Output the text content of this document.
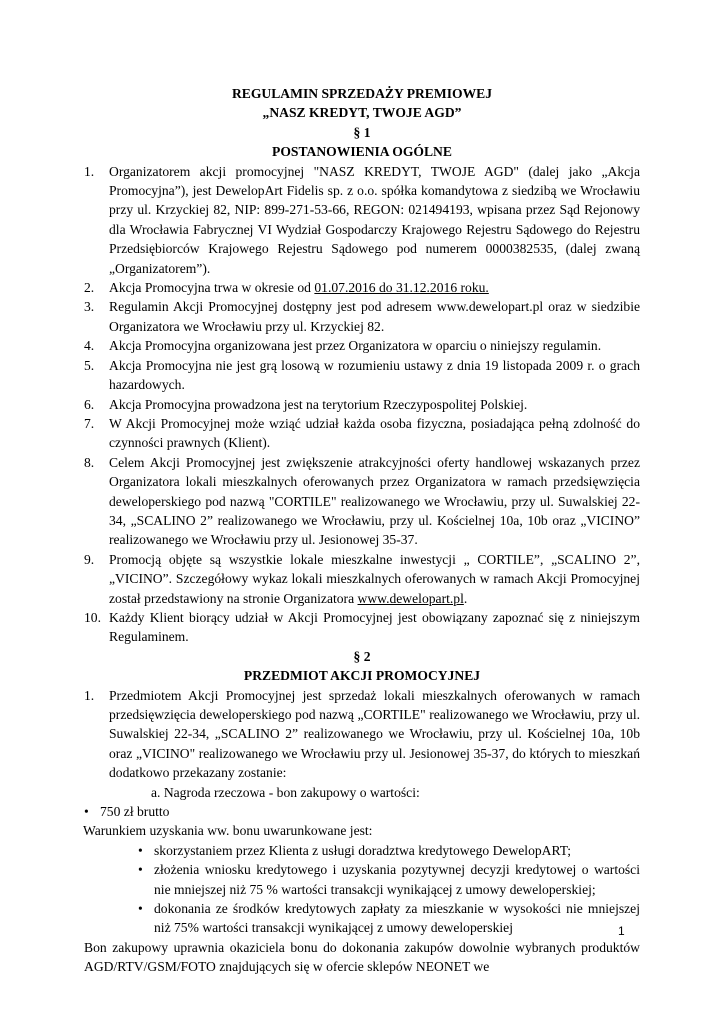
REGULAMIN SPRZEDAŻY PREMIOWEJ
„NASZ KREDYT, TWOJE AGD”
§ 1
POSTANOWIENIA OGÓLNE
1. Organizatorem akcji promocyjnej "NASZ KREDYT, TWOJE AGD" (dalej jako „Akcja Promocyjna”), jest DewelopArt Fidelis sp. z o.o. spółka komandytowa z siedzibą we Wrocławiu przy ul. Krzyckiej 82, NIP: 899-271-53-66, REGON: 021494193, wpisana przez Sąd Rejonowy dla Wrocławia Fabrycznej VI Wydział Gospodarczy Krajowego Rejestru Sądowego do Rejestru Przedsiębiorców Krajowego Rejestru Sądowego pod numerem 0000382535, (dalej zwaną „Organizatorem”).
2. Akcja Promocyjna trwa w okresie od 01.07.2016 do 31.12.2016 roku.
3. Regulamin Akcji Promocyjnej dostępny jest pod adresem www.dewelopart.pl oraz w siedzibie Organizatora we Wrocławiu przy ul. Krzyckiej 82.
4. Akcja Promocyjna organizowana jest przez Organizatora w oparciu o niniejszy regulamin.
5. Akcja Promocyjna nie jest grą losową w rozumieniu ustawy z dnia 19 listopada 2009 r. o grach hazardowych.
6. Akcja Promocyjna prowadzona jest na terytorium Rzeczypospolitej Polskiej.
7. W Akcji Promocyjnej może wziąć udział każda osoba fizyczna, posiadająca pełną zdolność do czynności prawnych (Klient).
8. Celem Akcji Promocyjnej jest zwiększenie atrakcyjności oferty handlowej wskazanych przez Organizatora lokali mieszkalnych oferowanych przez Organizatora w ramach przedsięwzięcia deweloperskiego pod nazwą "CORTILE" realizowanego we Wrocławiu, przy ul. Suwalskiej 22-34, „SCALINO 2” realizowanego we Wrocławiu, przy ul. Kościelnej 10a, 10b oraz „VICINO” realizowanego we Wrocławiu przy ul. Jesionowej 35-37.
9. Promocją objęte są wszystkie lokale mieszkalne inwestycji „ CORTILE”, „SCALINO 2”, „VICINO”. Szczegółowy wykaz lokali mieszkalnych oferowanych w ramach Akcji Promocyjnej został przedstawiony na stronie Organizatora www.dewelopart.pl.
10. Każdy Klient biorący udział w Akcji Promocyjnej jest obowiązany zapoznać się z niniejszym Regulaminem.
§ 2
PRZEDMIOT AKCJI PROMOCYJNEJ
1. Przedmiotem Akcji Promocyjnej jest sprzedaż lokali mieszkalnych oferowanych w ramach przedsięwzięcia deweloperskiego pod nazwą „CORTILE" realizowanego we Wrocławiu, przy ul. Suwalskiej 22-34, „SCALINO 2” realizowanego we Wrocławiu, przy ul. Kościelnej 10a, 10b oraz „VICINO" realizowanego we Wrocławiu przy ul. Jesionowej 35-37, do których to mieszkań dodatkowo przekazany zostanie:
a. Nagroda rzeczowa - bon zakupowy o wartości:
• 750 zł brutto
Warunkiem uzyskania ww. bonu uwarunkowane jest:
• skorzystaniem przez Klienta z usługi doradztwa kredytowego DewelopART;
• złożenia wniosku kredytowego i uzyskania pozytywnej decyzji kredytowej o wartości nie mniejszej niż 75 % wartości transakcji wynikającej z umowy deweloperskiej;
• dokonania ze środków kredytowych zapłaty za mieszkanie w wysokości nie mniejszej niż 75% wartości transakcji wynikającej z umowy deweloperskiej
Bon zakupowy uprawnia okaziciela bonu do dokonania zakupów dowolnie wybranych produktów AGD/RTV/GSM/FOTO znajdujących się w ofercie sklepów NEONET we
1
